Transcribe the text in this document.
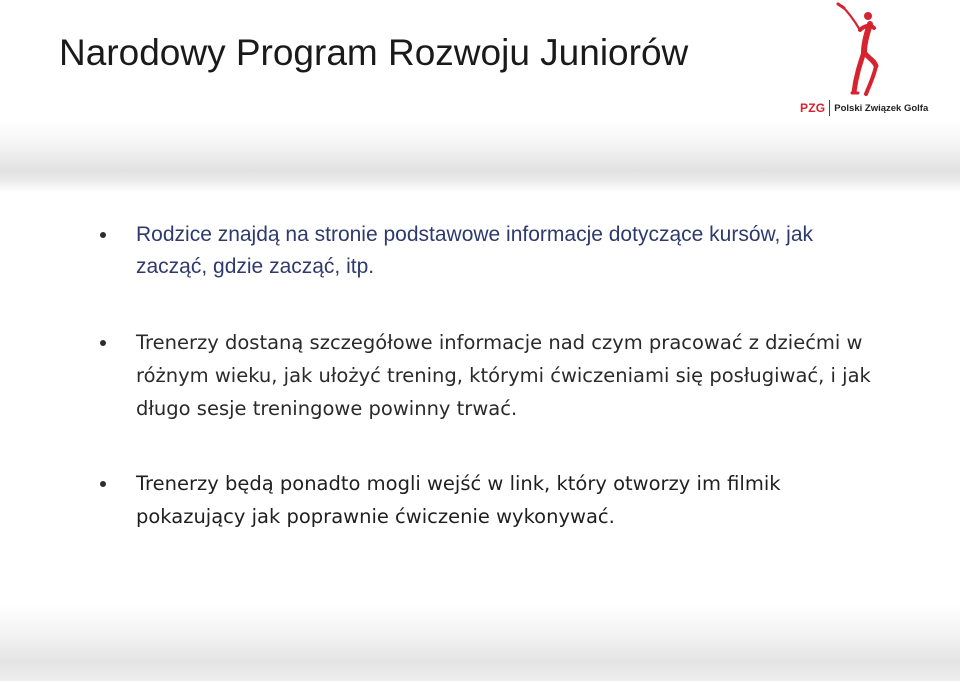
Narodowy Program Rozwoju Juniorów
PZG Polski Związek Golfa
Rodzice znajdą na stronie podstawowe informacje dotyczące kursów, jak zacząć, gdzie zacząć, itp.
Trenerzy dostaną szczegółowe informacje nad czym pracować z dziećmi w różnym wieku, jak ułożyć trening, którymi ćwiczeniami się posługiwać, i jak długo sesje treningowe powinny trwać.
Trenerzy będą ponadto mogli wejść w link, który otworzy im filmik pokazujący jak poprawnie ćwiczenie wykonywać.
